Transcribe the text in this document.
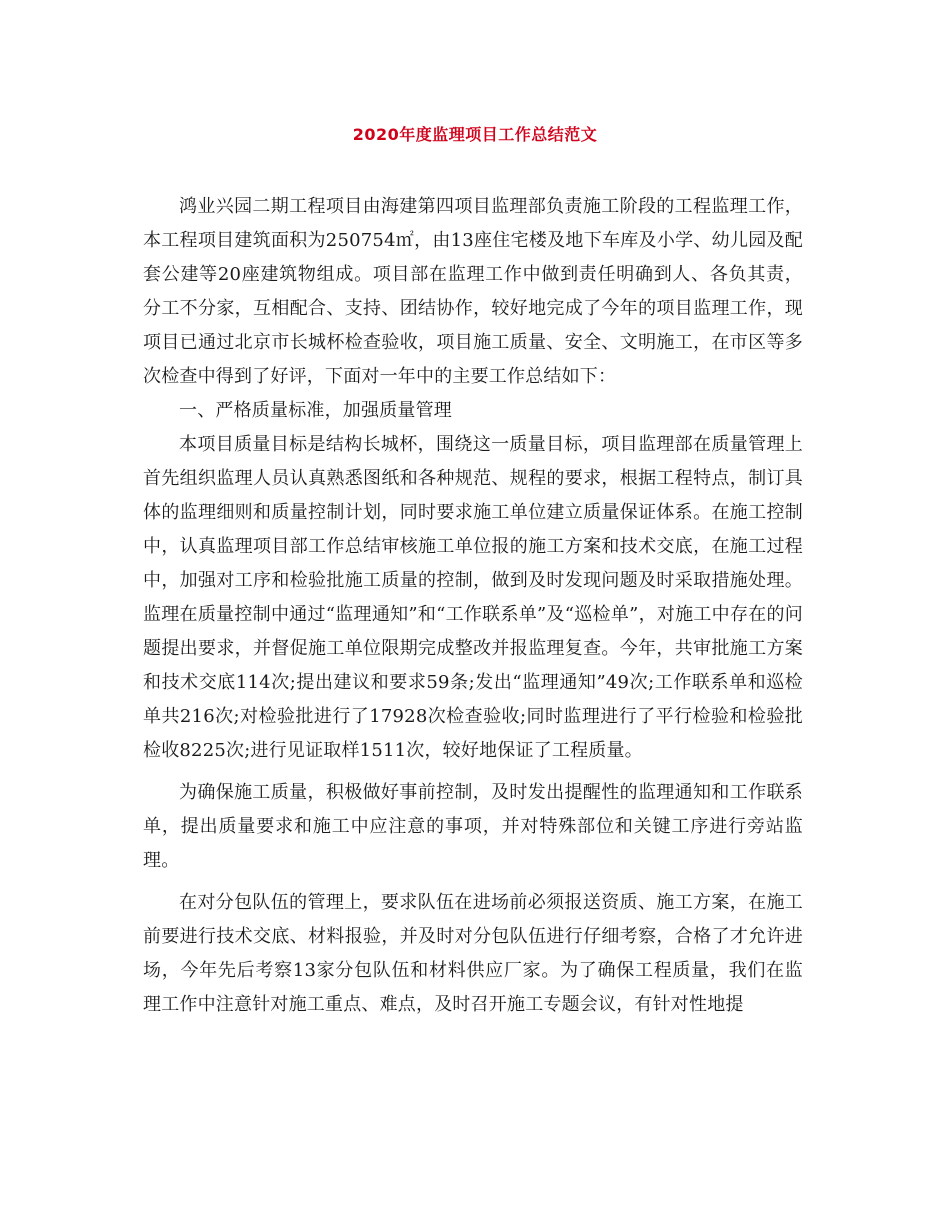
2020年度监理项目工作总结范文

鸿业兴园二期工程项目由海建第四项目监理部负责施工阶段的工程监理工作，本工程项目建筑面积为250754㎡，由13座住宅楼及地下车库及小学、幼儿园及配套公建等20座建筑物组成。项目部在监理工作中做到责任明确到人、各负其责，分工不分家，互相配合、支持、团结协作，较好地完成了今年的项目监理工作，现项目已通过北京市长城杯检查验收，项目施工质量、安全、文明施工，在市区等多次检查中得到了好评，下面对一年中的主要工作总结如下：

一、严格质量标准，加强质量管理

本项目质量目标是结构长城杯，围绕这一质量目标，项目监理部在质量管理上首先组织监理人员认真熟悉图纸和各种规范、规程的要求，根据工程特点，制订具体的监理细则和质量控制计划，同时要求施工单位建立质量保证体系。在施工控制中，认真监理项目部工作总结审核施工单位报的施工方案和技术交底，在施工过程中，加强对工序和检验批施工质量的控制，做到及时发现问题及时采取措施处理。监理在质量控制中通过“监理通知”和“工作联系单”及“巡检单”，对施工中存在的问题提出要求，并督促施工单位限期完成整改并报监理复查。今年，共审批施工方案和技术交底114次;提出建议和要求59条;发出“监理通知”49次;工作联系单和巡检单共216次;对检验批进行了17928次检查验收;同时监理进行了平行检验和检验批检收8225次;进行见证取样1511次，较好地保证了工程质量。

为确保施工质量，积极做好事前控制，及时发出提醒性的监理通知和工作联系单，提出质量要求和施工中应注意的事项，并对特殊部位和关键工序进行旁站监理。

在对分包队伍的管理上，要求队伍在进场前必须报送资质、施工方案，在施工前要进行技术交底、材料报验，并及时对分包队伍进行仔细考察，合格了才允许进场，今年先后考察13家分包队伍和材料供应厂家。为了确保工程质量，我们在监理工作中注意针对施工重点、难点，及时召开施工专题会议，有针对性地提
